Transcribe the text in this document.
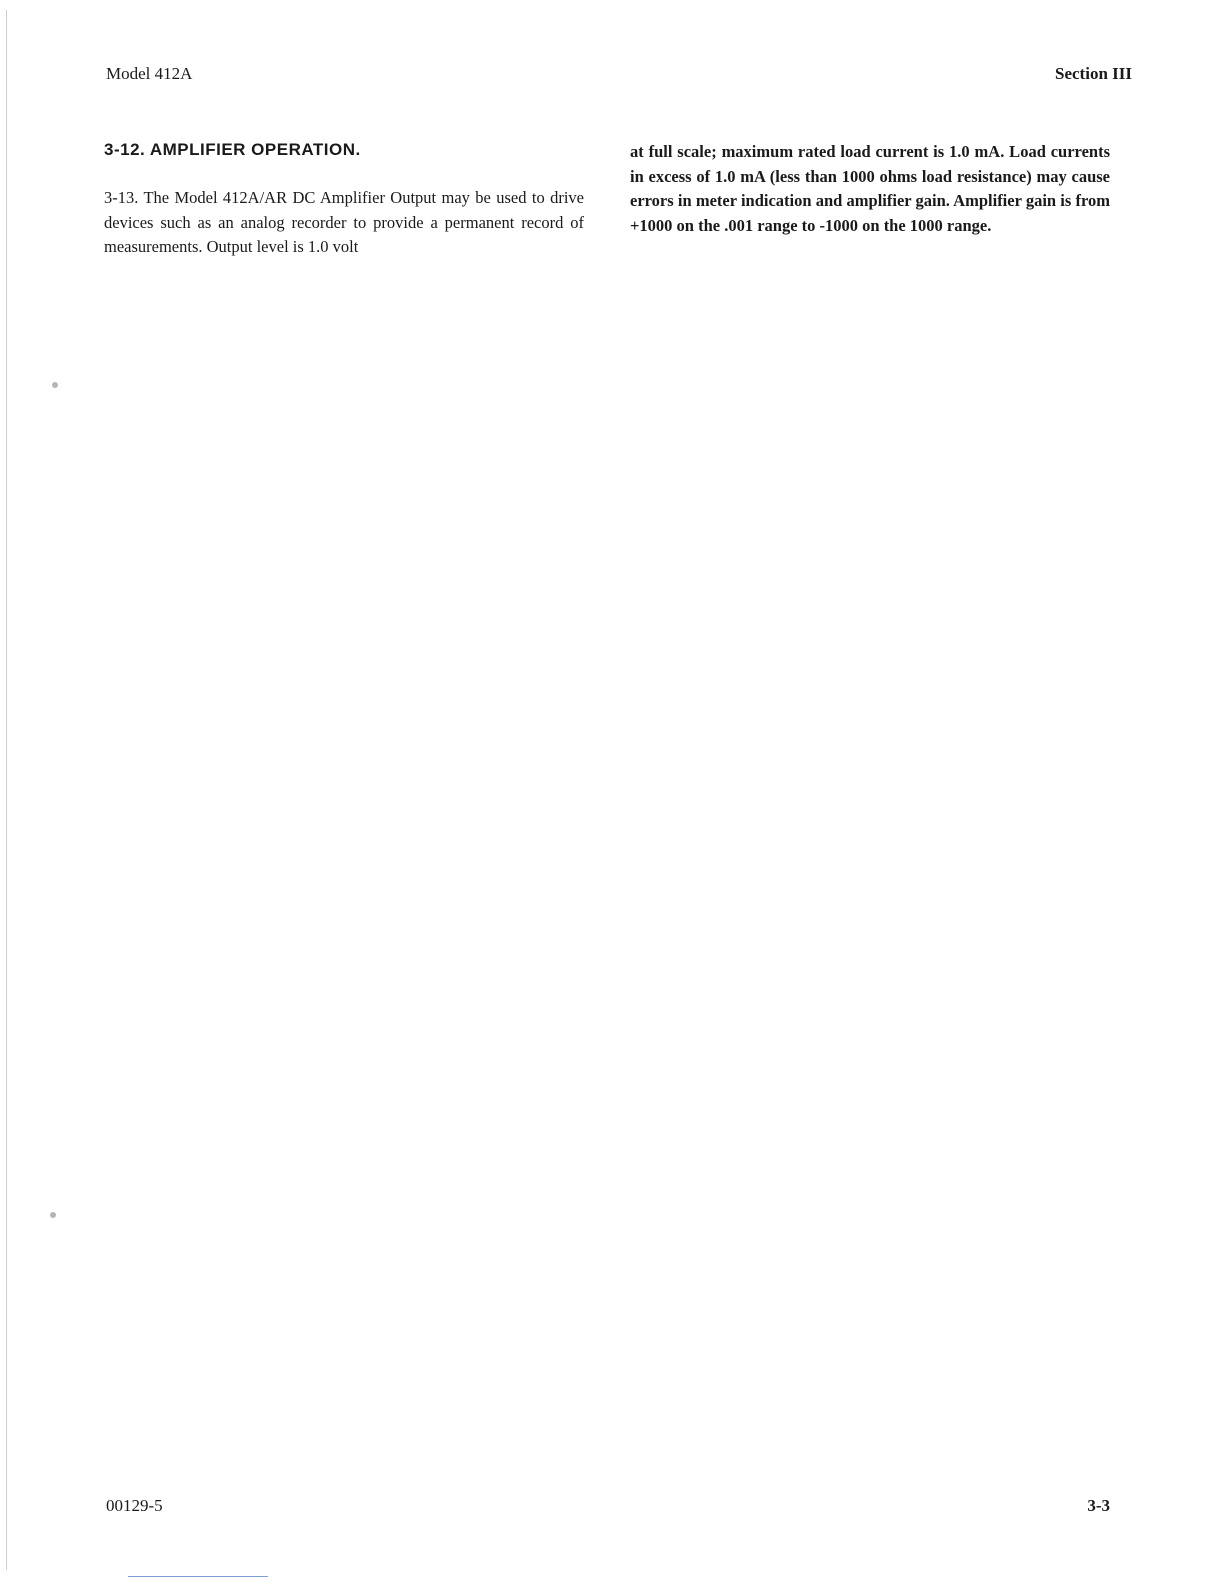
Model 412A	Section III
3-12. AMPLIFIER OPERATION.

3-13. The Model 412A/AR DC Amplifier Output may be used to drive devices such as an analog recorder to provide a permanent record of measurements. Output level is 1.0 volt

at full scale; maximum rated load current is 1.0 mA. Load currents in excess of 1.0 mA (less than 1000 ohms load resistance) may cause errors in meter indication and amplifier gain. Amplifier gain is from +1000 on the .001 range to -1000 on the 1000 range.

00129-5	3-3
